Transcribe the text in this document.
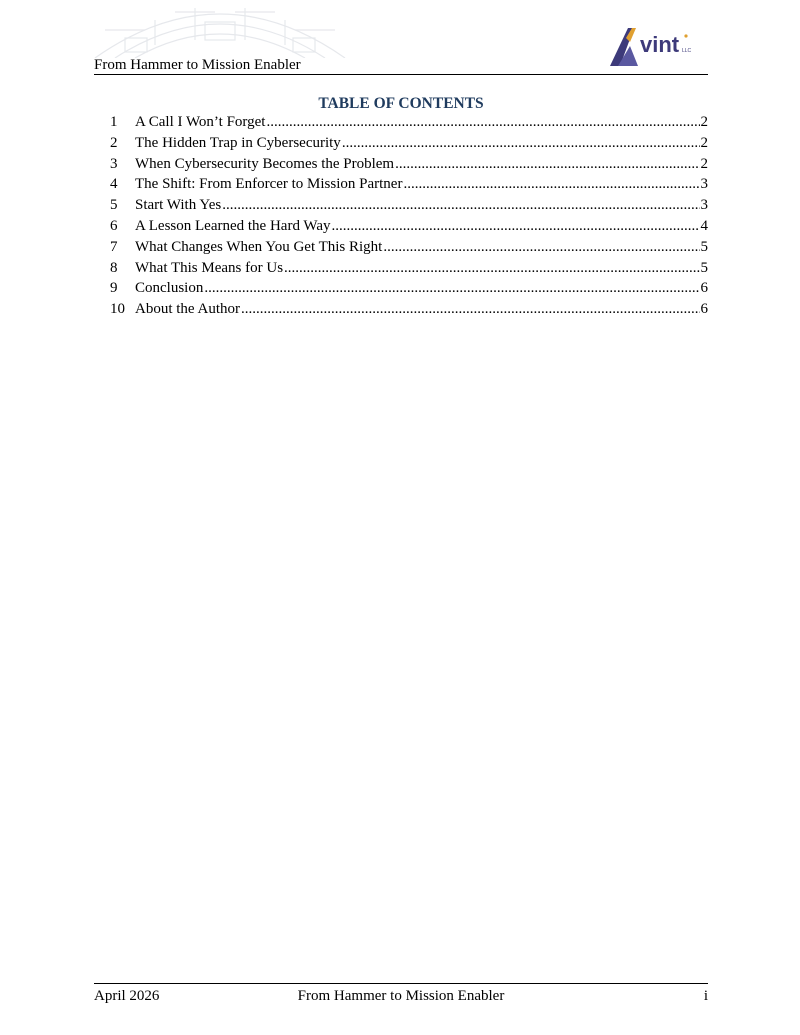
From Hammer to Mission Enabler
vint LLC
TABLE OF CONTENTS
1	A Call I Won’t Forget .....	2
2	The Hidden Trap in Cybersecurity .....	2
3	When Cybersecurity Becomes the Problem .....	2
4	The Shift: From Enforcer to Mission Partner .....	3
5	Start With Yes .....	3
6	A Lesson Learned the Hard Way .....	4
7	What Changes When You Get This Right .....	5
8	What This Means for Us .....	5
9	Conclusion .....	6
10 About the Author .....	6
April 2026	From Hammer to Mission Enabler	i
